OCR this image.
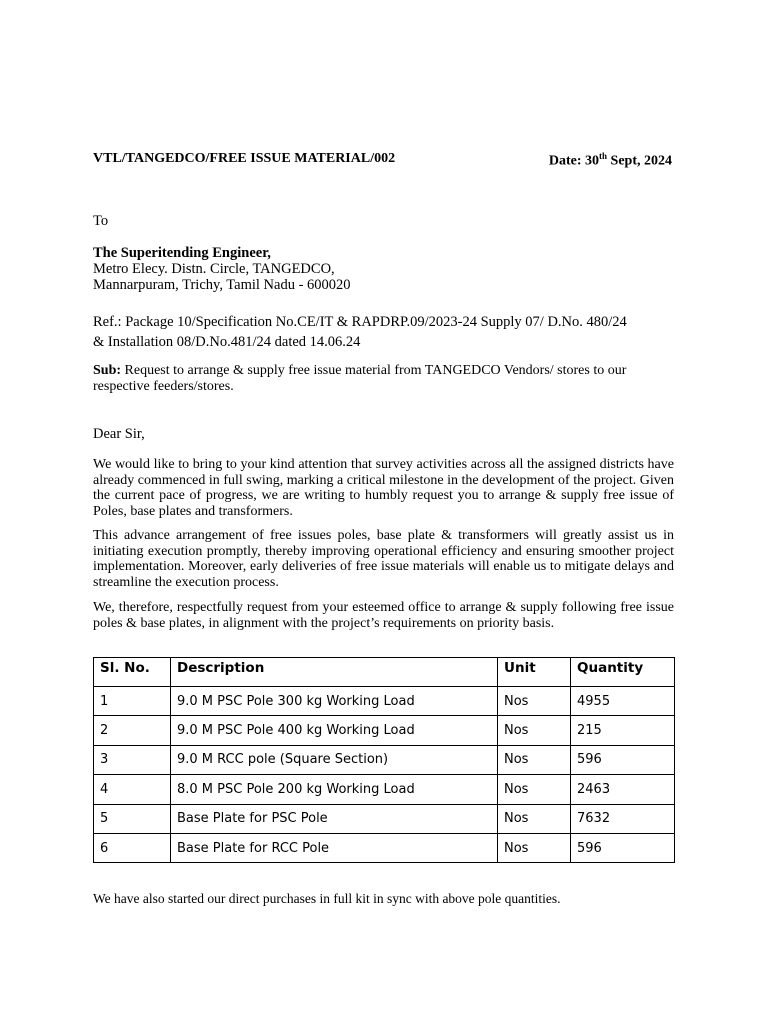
VTL/TANGEDCO/FREE ISSUE MATERIAL/002	Date: 30th Sept, 2024
To
The Superitending Engineer,
Metro Elecy. Distn. Circle, TANGEDCO,
Mannarpuram, Trichy, Tamil Nadu - 600020
Ref.: Package 10/Specification No.CE/IT & RAPDRP.09/2023-24 Supply 07/ D.No. 480/24
& Installation 08/D.No.481/24 dated 14.06.24
Sub: Request to arrange & supply free issue material from TANGEDCO Vendors/ stores to our respective feeders/stores.
Dear Sir,
We would like to bring to your kind attention that survey activities across all the assigned districts have already commenced in full swing, marking a critical milestone in the development of the project. Given the current pace of progress, we are writing to humbly request you to arrange & supply free issue of Poles, base plates and transformers.
This advance arrangement of free issues poles, base plate & transformers will greatly assist us in initiating execution promptly, thereby improving operational efficiency and ensuring smoother project implementation. Moreover, early deliveries of free issue materials will enable us to mitigate delays and streamline the execution process.
We, therefore, respectfully request from your esteemed office to arrange & supply following free issue poles & base plates, in alignment with the project’s requirements on priority basis.
Sl. No.	Description	Unit	Quantity
1	9.0 M PSC Pole 300 kg Working Load	Nos	4955
2	9.0 M PSC Pole 400 kg Working Load	Nos	215
3	9.0 M RCC pole (Square Section)	Nos	596
4	8.0 M PSC Pole 200 kg Working Load	Nos	2463
5	Base Plate for PSC Pole	Nos	7632
6	Base Plate for RCC Pole	Nos	596
We have also started our direct purchases in full kit in sync with above pole quantities.
